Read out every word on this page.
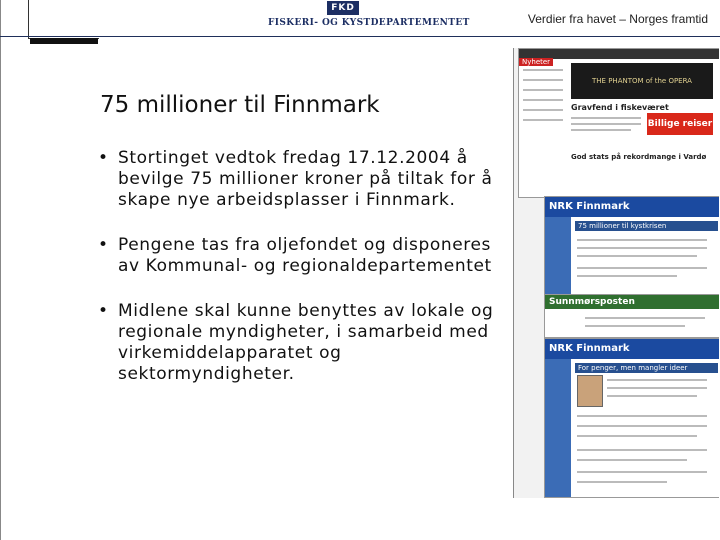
FKD
FISKERI- OG KYSTDEPARTEMENTET	Verdier fra havet – Norges framtid
75 millioner til Finnmark
• Stortinget vedtok fredag 17.12.2004 å bevilge 75 millioner kroner på tiltak for å skape nye arbeidsplasser i Finnmark.
• Pengene tas fra oljefondet og disponeres av Kommunal- og regionaldepartementet
• Midlene skal kunne benyttes av lokale og regionale myndigheter, i samarbeid med virkemiddelapparatet og sektormyndigheter.
Nyheter
THE PHANTOM of the OPERA
Gravfend i fiskeværet
Billige reiser
God stats på rekordmange i Vardø
NRK Finnmark
75 millioner til kystkrisen
Sunnmørsposten
NRK Finnmark
For penger, men mangler ideer
